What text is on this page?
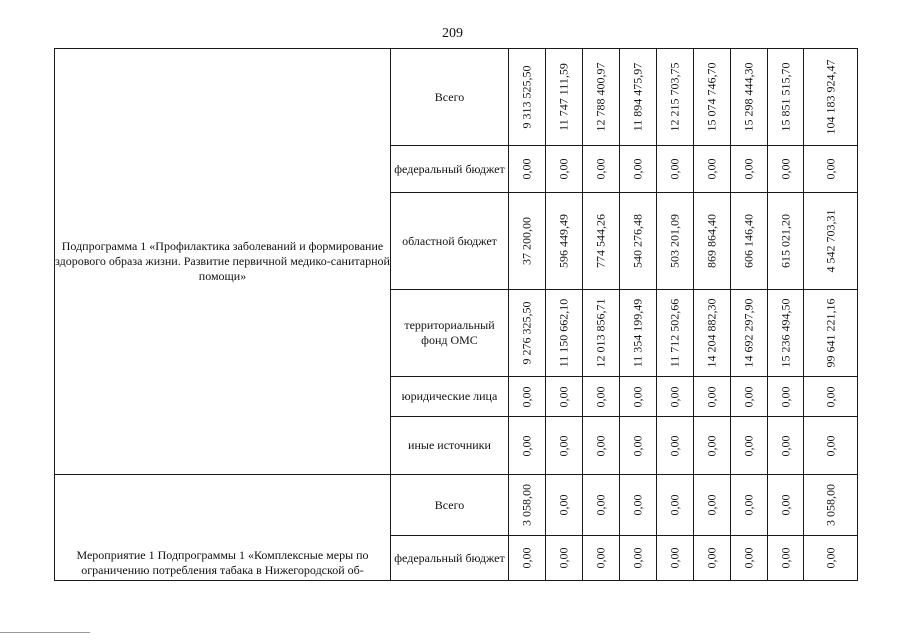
209
Подпрограмма 1 «Профилактика заболеваний и формирование здорового образа жизни. Развитие первичной медико-санитарной помощи»	Всего	9 313 525,50	11 747 111,59	12 788 400,97	11 894 475,97	12 215 703,75	15 074 746,70	15 298 444,30	15 851 515,70	104 183 924,47

	федеральный бюджет	0,00	0,00	0,00	0,00	0,00	0,00	0,00	0,00	0,00

	областной бюджет	37 200,00	596 449,49	774 544,26	540 276,48	503 201,09	869 864,40	606 146,40	615 021,20	4 542 703,31

	территориальный фонд ОМС	9 276 325,50	11 150 662,10	12 013 856,71	11 354 199,49	11 712 502,66	14 204 882,30	14 692 297,90	15 236 494,50	99 641 221,16

	юридические лица	0,00	0,00	0,00	0,00	0,00	0,00	0,00	0,00	0,00

	иные источники	0,00	0,00	0,00	0,00	0,00	0,00	0,00	0,00	0,00

Мероприятие 1 Подпрограммы 1 «Комплексные меры по ограничению потребления табака в Нижегородской об-	Всего	3 058,00	0,00	0,00	0,00	0,00	0,00	0,00	0,00	3 058,00

	федеральный бюджет	0,00	0,00	0,00	0,00	0,00	0,00	0,00	0,00	0,00
